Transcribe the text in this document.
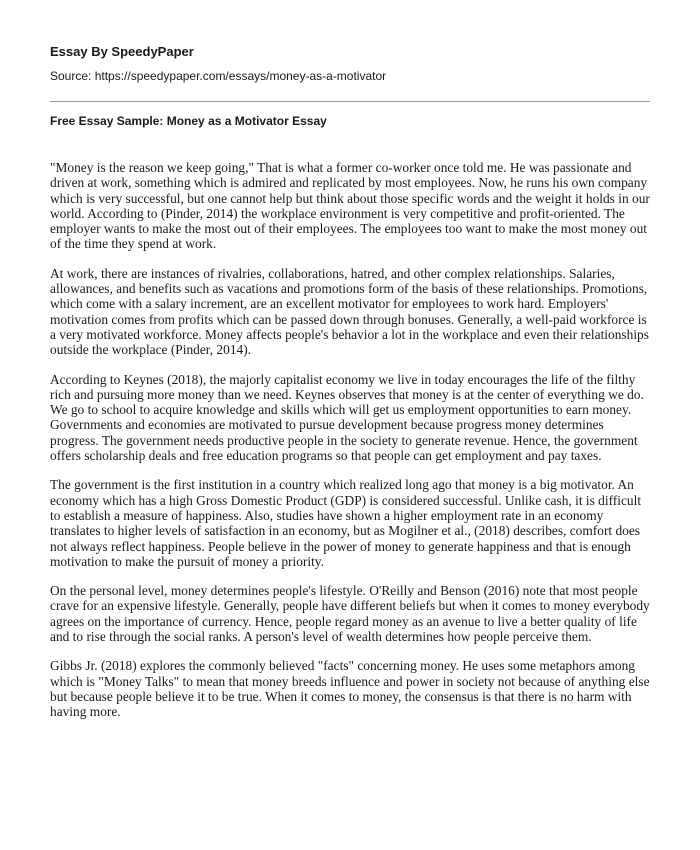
Essay By SpeedyPaper
Source: https://speedypaper.com/essays/money-as-a-motivator
Free Essay Sample: Money as a Motivator Essay

"Money is the reason we keep going," That is what a former co-worker once told me. He was passionate and driven at work, something which is admired and replicated by most employees. Now, he runs his own company which is very successful, but one cannot help but think about those specific words and the weight it holds in our world. According to (Pinder, 2014) the workplace environment is very competitive and profit-oriented. The employer wants to make the most out of their employees. The employees too want to make the most money out of the time they spend at work.

At work, there are instances of rivalries, collaborations, hatred, and other complex relationships. Salaries, allowances, and benefits such as vacations and promotions form of the basis of these relationships. Promotions, which come with a salary increment, are an excellent motivator for employees to work hard. Employers' motivation comes from profits which can be passed down through bonuses. Generally, a well-paid workforce is a very motivated workforce. Money affects people's behavior a lot in the workplace and even their relationships outside the workplace (Pinder, 2014).

According to Keynes (2018), the majorly capitalist economy we live in today encourages the life of the filthy rich and pursuing more money than we need. Keynes observes that money is at the center of everything we do. We go to school to acquire knowledge and skills which will get us employment opportunities to earn money. Governments and economies are motivated to pursue development because progress money determines progress. The government needs productive people in the society to generate revenue. Hence, the government offers scholarship deals and free education programs so that people can get employment and pay taxes.

The government is the first institution in a country which realized long ago that money is a big motivator. An economy which has a high Gross Domestic Product (GDP) is considered successful. Unlike cash, it is difficult to establish a measure of happiness. Also, studies have shown a higher employment rate in an economy translates to higher levels of satisfaction in an economy, but as Mogilner et al., (2018) describes, comfort does not always reflect happiness. People believe in the power of money to generate happiness and that is enough motivation to make the pursuit of money a priority.

On the personal level, money determines people's lifestyle. O'Reilly and Benson (2016) note that most people crave for an expensive lifestyle. Generally, people have different beliefs but when it comes to money everybody agrees on the importance of currency. Hence, people regard money as an avenue to live a better quality of life and to rise through the social ranks. A person's level of wealth determines how people perceive them.

Gibbs Jr. (2018) explores the commonly believed "facts" concerning money. He uses some metaphors among which is "Money Talks" to mean that money breeds influence and power in society not because of anything else but because people believe it to be true. When it comes to money, the consensus is that there is no harm with having more.
